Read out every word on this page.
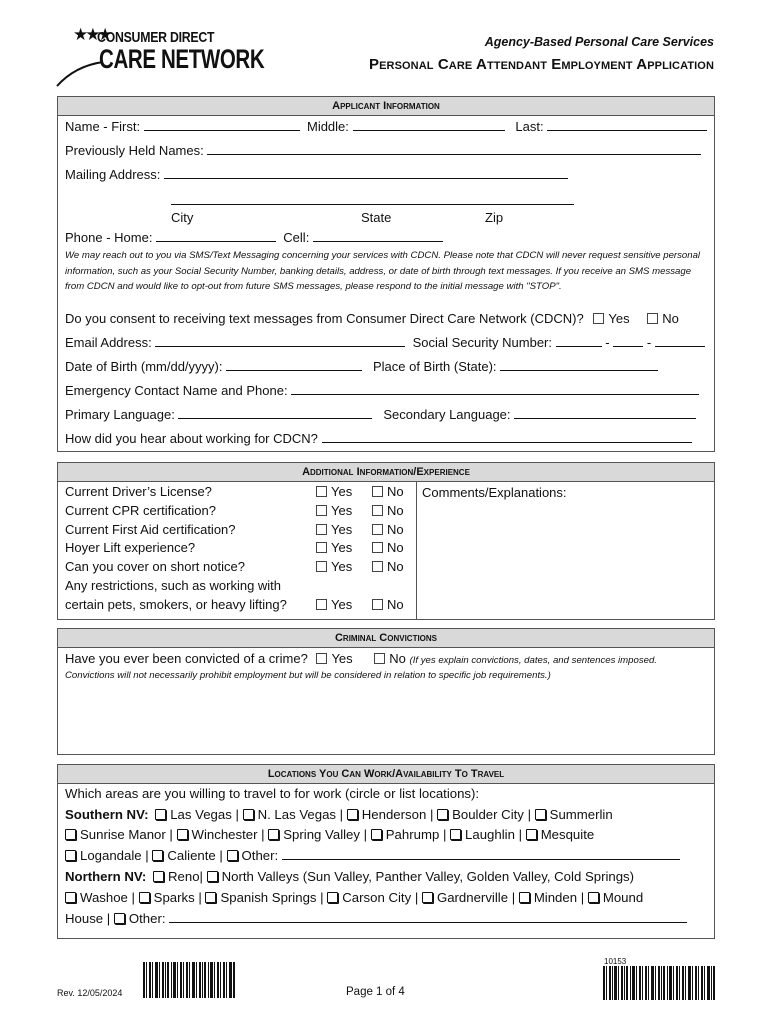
★★★
CONSUMER DIRECT
CARE NETWORK
Agency-Based Personal Care Services
Personal Care Attendant Employment Application
Applicant Information
Name - First:	Middle:	Last:
Previously Held Names:
Mailing Address:
City	State	Zip
Phone - Home:	Cell:
We may reach out to you via SMS/Text Messaging concerning your services with CDCN. Please note that CDCN will never request sensitive personal information, such as your Social Security Number, banking details, address, or date of birth through text messages. If you receive an SMS message from CDCN and would like to opt-out from future SMS messages, please respond to the initial message with "STOP".
Do you consent to receiving text messages from Consumer Direct Care Network (CDCN)? Yes	No
Email Address:	Social Security Number:	-	-
Date of Birth (mm/dd/yyyy):	Place of Birth (State):
Emergency Contact Name and Phone:
Primary Language:	Secondary Language:
How did you hear about working for CDCN?
Additional Information/Experience
Comments/Explanations:
Current Driver’s License?	Yes	No
Current CPR certification?	Yes	No
Current First Aid certification?	Yes	No
Hoyer Lift experience?	Yes	No
Can you cover on short notice?	Yes	No
Any restrictions, such as working with
certain pets, smokers, or heavy lifting?	Yes	No
Criminal Convictions
Have you ever been convicted of a crime? Yes	No (If yes explain convictions, dates, and sentences imposed.
Convictions will not necessarily prohibit employment but will be considered in relation to specific job requirements.)
Locations You Can Work/Availability To Travel
Which areas are you willing to travel to for work (circle or list locations):
Southern NV: Las Vegas | N. Las Vegas | Henderson | Boulder City | Summerlin
Sunrise Manor | Winchester | Spring Valley | Pahrump | Laughlin | Mesquite
Logandale | Caliente | Other:
Northern NV: Reno| North Valleys (Sun Valley, Panther Valley, Golden Valley, Cold Springs)
Washoe | Sparks | Spanish Springs | Carson City | Gardnerville | Minden | Mound
House | Other:
Rev. 12/05/2024	Page 1 of 4
10153
